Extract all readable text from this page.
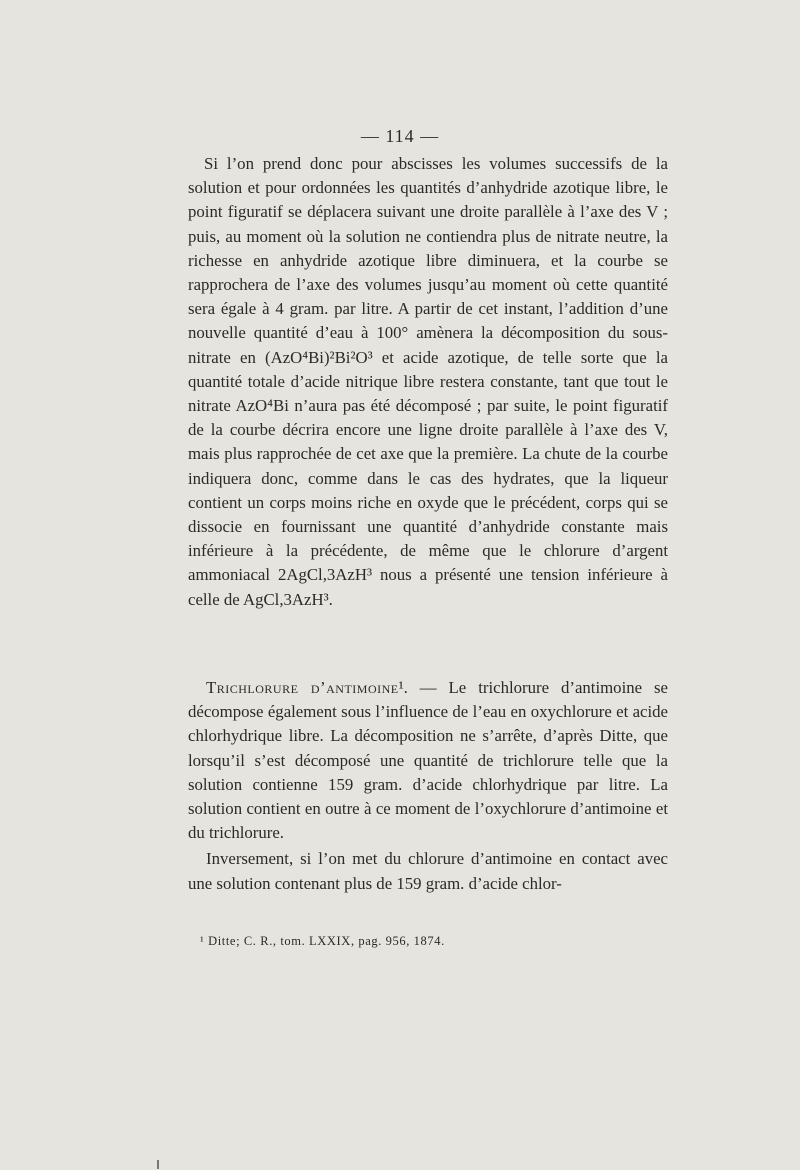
— 114 —

Si l’on prend donc pour abscisses les volumes successifs de la solution et pour ordonnées les quantités d’anhydride azotique libre, le point figuratif se déplacera suivant une droite parallèle à l’axe des V ; puis, au moment où la solution ne contiendra plus de nitrate neutre, la richesse en anhydride azotique libre diminuera, et la courbe se rapprochera de l’axe des volumes jusqu’au moment où cette quantité sera égale à 4 gram. par litre. A partir de cet instant, l’addition d’une nouvelle quantité d’eau à 100° amènera la décomposition du sous-nitrate en (AzO⁴Bi)²Bi²O³ et acide azotique, de telle sorte que la quantité totale d’acide nitrique libre restera constante, tant que tout le nitrate AzO⁴Bi n’aura pas été décomposé ; par suite, le point figuratif de la courbe décrira encore une ligne droite parallèle à l’axe des V, mais plus rapprochée de cet axe que la première. La chute de la courbe indiquera donc, comme dans le cas des hydrates, que la liqueur contient un corps moins riche en oxyde que le précédent, corps qui se dissocie en fournissant une quantité d’anhydride constante mais inférieure à la précédente, de même que le chlorure d’argent ammoniacal 2AgCl,3AzH³ nous a présenté une tension inférieure à celle de AgCl,3AzH³.

Trichlorure d’antimoine¹. — Le trichlorure d’antimoine se décompose également sous l’influence de l’eau en oxychlorure et acide chlorhydrique libre. La décomposition ne s’arrête, d’après Ditte, que lorsqu’il s’est décomposé une quantité de trichlorure telle que la solution contienne 159 gram. d’acide chlorhydrique par litre. La solution contient en outre à ce moment de l’oxychlorure d’antimoine et du trichlorure.

Inversement, si l’on met du chlorure d’antimoine en contact avec une solution contenant plus de 159 gram. d’acide chlor-

¹ Ditte; C. R., tom. LXXIX, pag. 956, 1874.
